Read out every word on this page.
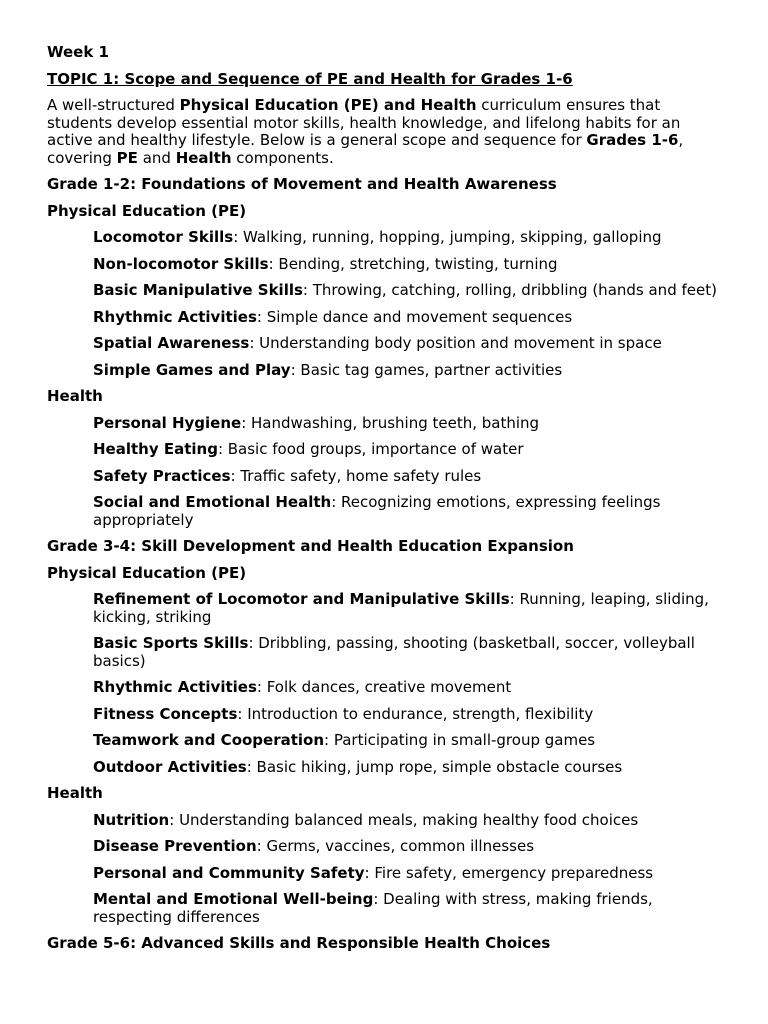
Week 1

TOPIC 1: Scope and Sequence of PE and Health for Grades 1-6

A well-structured Physical Education (PE) and Health curriculum ensures that students develop essential motor skills, health knowledge, and lifelong habits for an active and healthy lifestyle. Below is a general scope and sequence for Grades 1-6, covering PE and Health components.

Grade 1-2: Foundations of Movement and Health Awareness

Physical Education (PE)

Locomotor Skills: Walking, running, hopping, jumping, skipping, galloping

Non-locomotor Skills: Bending, stretching, twisting, turning

Basic Manipulative Skills: Throwing, catching, rolling, dribbling (hands and feet)

Rhythmic Activities: Simple dance and movement sequences

Spatial Awareness: Understanding body position and movement in space

Simple Games and Play: Basic tag games, partner activities

Health

Personal Hygiene: Handwashing, brushing teeth, bathing

Healthy Eating: Basic food groups, importance of water

Safety Practices: Traffic safety, home safety rules

Social and Emotional Health: Recognizing emotions, expressing feelings appropriately

Grade 3-4: Skill Development and Health Education Expansion

Physical Education (PE)

Refinement of Locomotor and Manipulative Skills: Running, leaping, sliding, kicking, striking

Basic Sports Skills: Dribbling, passing, shooting (basketball, soccer, volleyball basics)

Rhythmic Activities: Folk dances, creative movement

Fitness Concepts: Introduction to endurance, strength, flexibility

Teamwork and Cooperation: Participating in small-group games

Outdoor Activities: Basic hiking, jump rope, simple obstacle courses

Health

Nutrition: Understanding balanced meals, making healthy food choices

Disease Prevention: Germs, vaccines, common illnesses

Personal and Community Safety: Fire safety, emergency preparedness

Mental and Emotional Well-being: Dealing with stress, making friends, respecting differences

Grade 5-6: Advanced Skills and Responsible Health Choices
